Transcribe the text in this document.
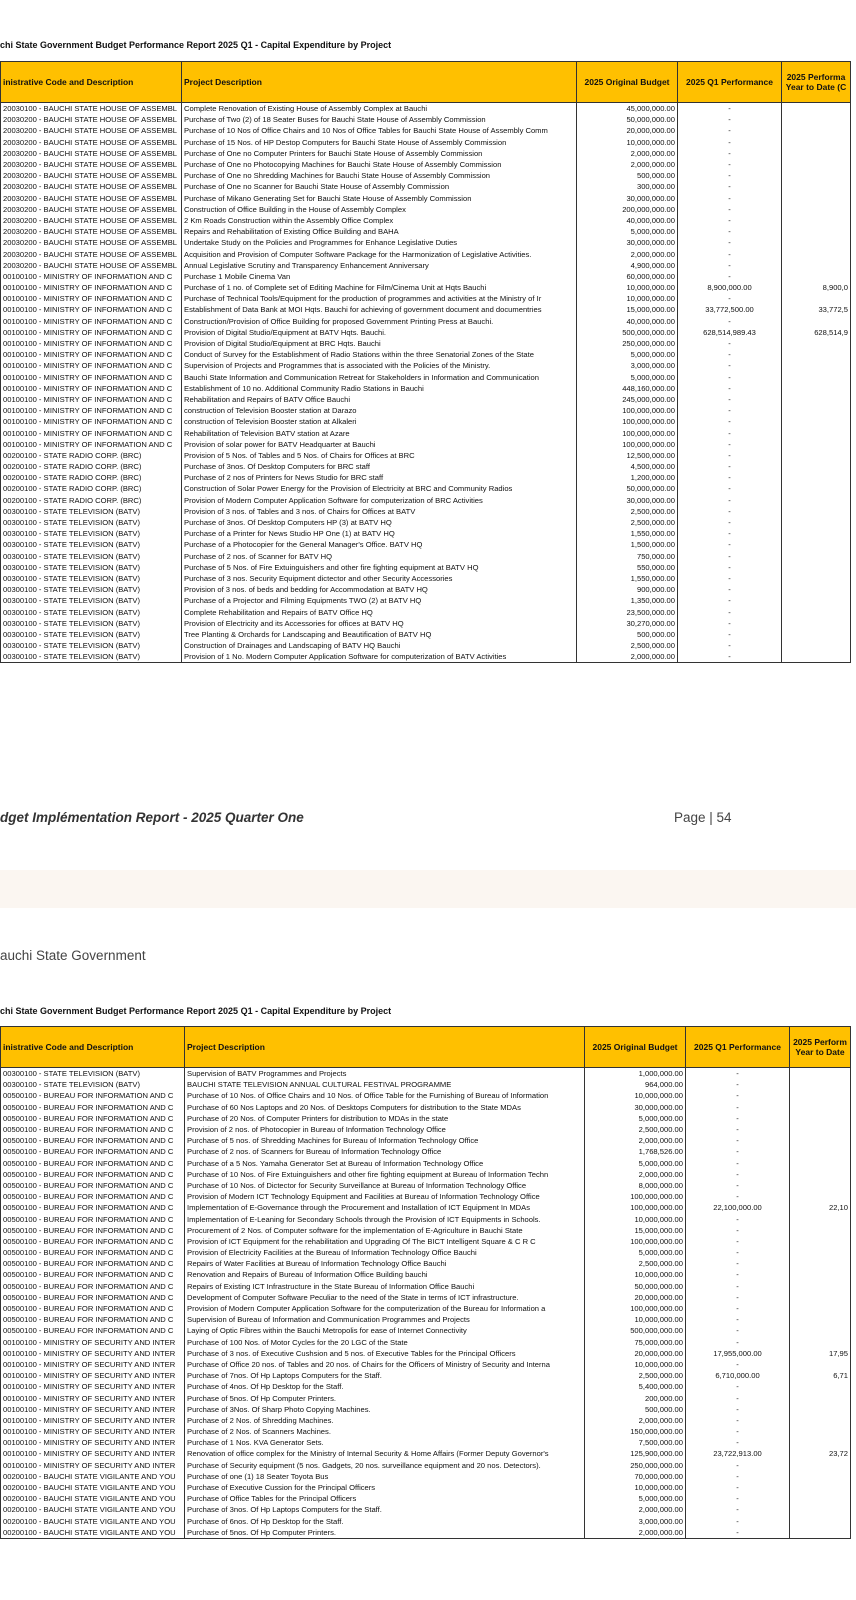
chi State Government Budget Performance Report 2025 Q1 - Capital Expenditure by Project
inistrative Code and Description	Project Description	2025 Original Budget	2025 Q1 Performance	2025 Performa Year to Date (C
20030100 - BAUCHI STATE HOUSE OF ASSEMBL	Complete Renovation of Existing House of Assembly Complex at Bauchi	45,000,000.00	-	
20030200 - BAUCHI STATE HOUSE OF ASSEMBL	Purchase of Two (2) of 18 Seater Buses for Bauchi State House of Assembly Commission	50,000,000.00	-	
20030200 - BAUCHI STATE HOUSE OF ASSEMBL	Purchase of 10 Nos of Office Chairs and 10 Nos of Office Tables for Bauchi State House of Assembly Comm	20,000,000.00	-	
20030200 - BAUCHI STATE HOUSE OF ASSEMBL	Purchase of 15 Nos. of HP Destop Computers for Bauchi State House of Assembly Commission	10,000,000.00	-	
20030200 - BAUCHI STATE HOUSE OF ASSEMBL	Purchase of One no Computer Printers for Bauchi State House of Assembly Commission	2,000,000.00	-	
20030200 - BAUCHI STATE HOUSE OF ASSEMBL	Purchase of One no Photocopying Machines for Bauchi State House of Assembly Commission	2,000,000.00	-	
20030200 - BAUCHI STATE HOUSE OF ASSEMBL	Purchase of One no Shredding Machines for Bauchi State House of Assembly Commission	500,000.00	-	
20030200 - BAUCHI STATE HOUSE OF ASSEMBL	Purchase of One no Scanner for Bauchi State House of Assembly Commission	300,000.00	-	
20030200 - BAUCHI STATE HOUSE OF ASSEMBL	Purchase of Mikano Generating Set for Bauchi State House of Assembly Commission	30,000,000.00	-	
20030200 - BAUCHI STATE HOUSE OF ASSEMBL	Construction of Office Building in the House of Assembly Complex	200,000,000.00	-	
20030200 - BAUCHI STATE HOUSE OF ASSEMBL	2 Km Roads Construction within the Assembly Office Complex	40,000,000.00	-	
20030200 - BAUCHI STATE HOUSE OF ASSEMBL	Repairs and Rehabilitation of Existing Office Building and BAHA	5,000,000.00	-	
20030200 - BAUCHI STATE HOUSE OF ASSEMBL	Undertake Study on the Policies and Programmes for Enhance Legislative Duties	30,000,000.00	-	
20030200 - BAUCHI STATE HOUSE OF ASSEMBL	Acquisition and Provision of Computer Software Package for the Harmonization of Legislative Activities.	2,000,000.00	-	
20030200 - BAUCHI STATE HOUSE OF ASSEMBL	Annual Legislative Scrutiny and Transparency Enhancement Anniversary	4,900,000.00	-	
00100100 - MINISTRY OF INFORMATION AND C	Purchase 1 Mobile Cinema Van	60,000,000.00	-	
00100100 - MINISTRY OF INFORMATION AND C	Purchase of 1 no. of Complete set of Editing Machine for Film/Cinema Unit at Hqts Bauchi	10,000,000.00	8,900,000.00	8,900,0
00100100 - MINISTRY OF INFORMATION AND C	Purchase of Technical Tools/Equipment for the production of programmes and activities at the Ministry of Ir	10,000,000.00	-	
00100100 - MINISTRY OF INFORMATION AND C	Establishment of Data Bank at MOI Hqts. Bauchi for achieving of government document and documentries	15,000,000.00	33,772,500.00	33,772,5
00100100 - MINISTRY OF INFORMATION AND C	Construction/Provision of Office Building for proposed Government Printing Press at Bauchi.	40,000,000.00	-	
00100100 - MINISTRY OF INFORMATION AND C	Provision of Digital Studio/Equipment at BATV Hqts. Bauchi.	500,000,000.00	628,514,989.43	628,514,9
00100100 - MINISTRY OF INFORMATION AND C	Provision of Digital Studio/Equipment at BRC Hqts. Bauchi	250,000,000.00	-	
00100100 - MINISTRY OF INFORMATION AND C	Conduct of Survey for the Establishment of Radio Stations within the three Senatorial Zones of the State	5,000,000.00	-	
00100100 - MINISTRY OF INFORMATION AND C	Supervision of Projects and Programmes that is associated with the Policies of the Ministry.	3,000,000.00	-	
00100100 - MINISTRY OF INFORMATION AND C	Bauchi State Information and Communication Retreat for Stakeholders in Information and Communication	5,000,000.00	-	
00100100 - MINISTRY OF INFORMATION AND C	Establishment of 10 no. Additional Community Radio Stations in Bauchi	448,160,000.00	-	
00100100 - MINISTRY OF INFORMATION AND C	Rehabilitation and Repairs of BATV Office Bauchi	245,000,000.00	-	
00100100 - MINISTRY OF INFORMATION AND C	construction of Television Booster station at Darazo	100,000,000.00	-	
00100100 - MINISTRY OF INFORMATION AND C	construction of Television Booster station at Alkaleri	100,000,000.00	-	
00100100 - MINISTRY OF INFORMATION AND C	Rehabilitation of Television BATV station at Azare	100,000,000.00	-	
00100100 - MINISTRY OF INFORMATION AND C	Provision of solar power for BATV Headquarter at Bauchi	100,000,000.00	-	
00200100 - STATE RADIO CORP. (BRC)	Provision of 5 Nos. of Tables and 5 Nos. of Chairs for Offices at BRC	12,500,000.00	-	
00200100 - STATE RADIO CORP. (BRC)	Purchase of 3nos. Of Desktop Computers for BRC staff	4,500,000.00	-	
00200100 - STATE RADIO CORP. (BRC)	Purchase of 2 nos of Printers for News Studio for BRC staff	1,200,000.00	-	
00200100 - STATE RADIO CORP. (BRC)	Construction of Solar Power Energy for the Provision of Electricity at BRC and Community Radios	50,000,000.00	-	
00200100 - STATE RADIO CORP. (BRC)	Provision of Modern Computer Application Software for computerization of BRC Activities	30,000,000.00	-	
00300100 - STATE TELEVISION (BATV)	Provision of 3 nos. of Tables and 3 nos. of Chairs for Offices at BATV	2,500,000.00	-	
00300100 - STATE TELEVISION (BATV)	Purchase of 3nos. Of Desktop Computers HP (3) at BATV HQ	2,500,000.00	-	
00300100 - STATE TELEVISION (BATV)	Purchase of a Printer for News Studio HP One (1) at BATV HQ	1,550,000.00	-	
00300100 - STATE TELEVISION (BATV)	Purchase of a Photocopier for the General Manager's Office. BATV HQ	1,500,000.00	-	
00300100 - STATE TELEVISION (BATV)	Purchase of 2 nos. of Scanner for BATV HQ	750,000.00	-	
00300100 - STATE TELEVISION (BATV)	Purchase of 5 Nos. of Fire Extuinguishers and other fire fighting equipment at BATV HQ	550,000.00	-	
00300100 - STATE TELEVISION (BATV)	Purchase of 3 nos. Security Equipment dictector and other Security Accessories	1,550,000.00	-	
00300100 - STATE TELEVISION (BATV)	Provision of 3 nos. of beds and bedding for Accommodation at BATV HQ	900,000.00	-	
00300100 - STATE TELEVISION (BATV)	Purchase of a Projector and Filming Equipments TWO (2) at BATV HQ	1,350,000.00	-	
00300100 - STATE TELEVISION (BATV)	Complete Rehabilitation and Repairs of BATV Office HQ	23,500,000.00	-	
00300100 - STATE TELEVISION (BATV)	Provision of Electricity and its Accessories for offices at BATV HQ	30,270,000.00	-	
00300100 - STATE TELEVISION (BATV)	Tree Planting & Orchards for Landscaping and Beautification of BATV HQ	500,000.00	-	
00300100 - STATE TELEVISION (BATV)	Construction of Drainages and Landscaping of BATV HQ Bauchi	2,500,000.00	-	
00300100 - STATE TELEVISION (BATV)	Provision of 1 No. Modern Computer Application Software for computerization of BATV Activities	2,000,000.00	-	
dget Implémentation Report - 2025 Quarter One	Page | 54
auchi State Government
chi State Government Budget Performance Report 2025 Q1 - Capital Expenditure by Project
inistrative Code and Description	Project Description	2025 Original Budget	2025 Q1 Performance	2025 Perform Year to Date
00300100 - STATE TELEVISION (BATV)	Supervision of BATV Programmes and Projects	1,000,000.00	-	
00300100 - STATE TELEVISION (BATV)	BAUCHI STATE TELEVISION ANNUAL CULTURAL FESTIVAL PROGRAMME	964,000.00	-	
00500100 - BUREAU FOR INFORMATION AND C	Purchase of 10 Nos. of Office Chairs and 10 Nos. of Office Table for the Furnishing of Bureau of Information	10,000,000.00	-	
00500100 - BUREAU FOR INFORMATION AND C	Purchase of 60 Nos Laptops and 20 Nos. of Desktops Computers for distribution to the State MDAs	30,000,000.00	-	
00500100 - BUREAU FOR INFORMATION AND C	Purchase of 20 Nos. of Computer Printers for distribution to MDAs in the state	5,000,000.00	-	
00500100 - BUREAU FOR INFORMATION AND C	Provision of 2 nos. of Photocopier in Bureau of Information Technology Office	2,500,000.00	-	
00500100 - BUREAU FOR INFORMATION AND C	Purchase of 5 nos. of Shredding Machines for Bureau of Information Technology Office	2,000,000.00	-	
00500100 - BUREAU FOR INFORMATION AND C	Purchase of 2 nos. of Scanners for Bureau of Information Technology Office	1,768,526.00	-	
00500100 - BUREAU FOR INFORMATION AND C	Purchase of a 5 Nos. Yamaha Generator Set at Bureau of Information Technology Office	5,000,000.00	-	
00500100 - BUREAU FOR INFORMATION AND C	Purchase of 10 Nos. of Fire Extuinguishers and other fire fighting equipment at Bureau of Information Techn	2,000,000.00	-	
00500100 - BUREAU FOR INFORMATION AND C	Purchase of 10 Nos. of Dictector for Security Surveillance at Bureau of Information Technology Office	8,000,000.00	-	
00500100 - BUREAU FOR INFORMATION AND C	Provision of Modern ICT Technology Equipment and Facilities at Bureau of Information Technology Office	100,000,000.00	-	
00500100 - BUREAU FOR INFORMATION AND C	Implementation of E-Governance through the Procurement and Installation of ICT Equipment In MDAs	100,000,000.00	22,100,000.00	22,10
00500100 - BUREAU FOR INFORMATION AND C	Implementation of E-Leaning for Secondary Schools through the Provision of ICT Equipments in Schools.	10,000,000.00	-	
00500100 - BUREAU FOR INFORMATION AND C	Procurement of 2 Nos. of Computer software for the implementation of E-Agriculture in Bauchi State	15,000,000.00	-	
00500100 - BUREAU FOR INFORMATION AND C	Provision of ICT Equipment for the rehabilitation and Upgrading Of The BICT Intelligent Square & C R C	100,000,000.00	-	
00500100 - BUREAU FOR INFORMATION AND C	Provision of Electricity Facilities at the Bureau of Information Technology Office Bauchi	5,000,000.00	-	
00500100 - BUREAU FOR INFORMATION AND C	Repairs of Water Facilities at Bureau of Information Technology Office Bauchi	2,500,000.00	-	
00500100 - BUREAU FOR INFORMATION AND C	Renovation and Repairs of Bureau of Information Office Building bauchi	10,000,000.00	-	
00500100 - BUREAU FOR INFORMATION AND C	Repairs of Existing ICT Infrastructure in the State Bureau of Information Office Bauchi	50,000,000.00	-	
00500100 - BUREAU FOR INFORMATION AND C	Development of Computer Software Peculiar to the need of the State in terms of ICT infrastructure.	20,000,000.00	-	
00500100 - BUREAU FOR INFORMATION AND C	Provision of Modern Computer Application Software for the computerization of the Bureau for Information a	100,000,000.00	-	
00500100 - BUREAU FOR INFORMATION AND C	Supervision of Bureau of Information and Communication Programmes and Projects	10,000,000.00	-	
00500100 - BUREAU FOR INFORMATION AND C	Laying of Optic Fibres within the Bauchi Metropolis for ease of Internet Connectivity	500,000,000.00	-	
00100100 - MINISTRY OF SECURITY AND INTER	Purchase of 100 Nos. of Motor Cycles for the 20 LGC of the State	75,000,000.00	-	
00100100 - MINISTRY OF SECURITY AND INTER	Purchase of 3 nos. of Executive Cushsion and 5 nos. of Executive Tables for the Principal Officers	20,000,000.00	17,955,000.00	17,95
00100100 - MINISTRY OF SECURITY AND INTER	Purchase of Office 20 nos. of Tables and 20 nos. of Chairs for the Officers of Ministry of Security and Interna	10,000,000.00	-	
00100100 - MINISTRY OF SECURITY AND INTER	Purchase of 7nos. Of Hp Laptops Computers for the Staff.	2,500,000.00	6,710,000.00	6,71
00100100 - MINISTRY OF SECURITY AND INTER	Purchase of 4nos. Of Hp Desktop for the Staff.	5,400,000.00	-	
00100100 - MINISTRY OF SECURITY AND INTER	Purchase of 5nos. Of Hp Computer Printers.	200,000.00	-	
00100100 - MINISTRY OF SECURITY AND INTER	Purchase of 3Nos. Of Sharp Photo Copying Machines.	500,000.00	-	
00100100 - MINISTRY OF SECURITY AND INTER	Purchase of 2 Nos. of Shredding Machines.	2,000,000.00	-	
00100100 - MINISTRY OF SECURITY AND INTER	Purchase of 2 Nos. of Scanners Machines.	150,000,000.00	-	
00100100 - MINISTRY OF SECURITY AND INTER	Purchase of 1 Nos. KVA Generator Sets.	7,500,000.00	-	
00100100 - MINISTRY OF SECURITY AND INTER	Renovation of office complex for the Ministry of Internal Security & Home Affairs (Former Deputy Governor's	125,900,000.00	23,722,913.00	23,72
00100100 - MINISTRY OF SECURITY AND INTER	Purchase of Security equipment (5 nos. Gadgets, 20 nos. surveillance equipment and 20 nos. Detectors).	250,000,000.00	-	
00200100 - BAUCHI STATE VIGILANTE AND YOU	Purchase of one (1) 18 Seater Toyota Bus	70,000,000.00	-	
00200100 - BAUCHI STATE VIGILANTE AND YOU	Purchase of Executive Cussion for the Principal Officers	10,000,000.00	-	
00200100 - BAUCHI STATE VIGILANTE AND YOU	Purchase of Office Tables for the Principal Officers	5,000,000.00	-	
00200100 - BAUCHI STATE VIGILANTE AND YOU	Purchase of 3nos. Of Hp Laptops Computers for the Staff.	2,000,000.00	-	
00200100 - BAUCHI STATE VIGILANTE AND YOU	Purchase of 6nos. Of Hp Desktop for the Staff.	3,000,000.00	-	
00200100 - BAUCHI STATE VIGILANTE AND YOU	Purchase of 5nos. Of Hp Computer Printers.	2,000,000.00	-	
